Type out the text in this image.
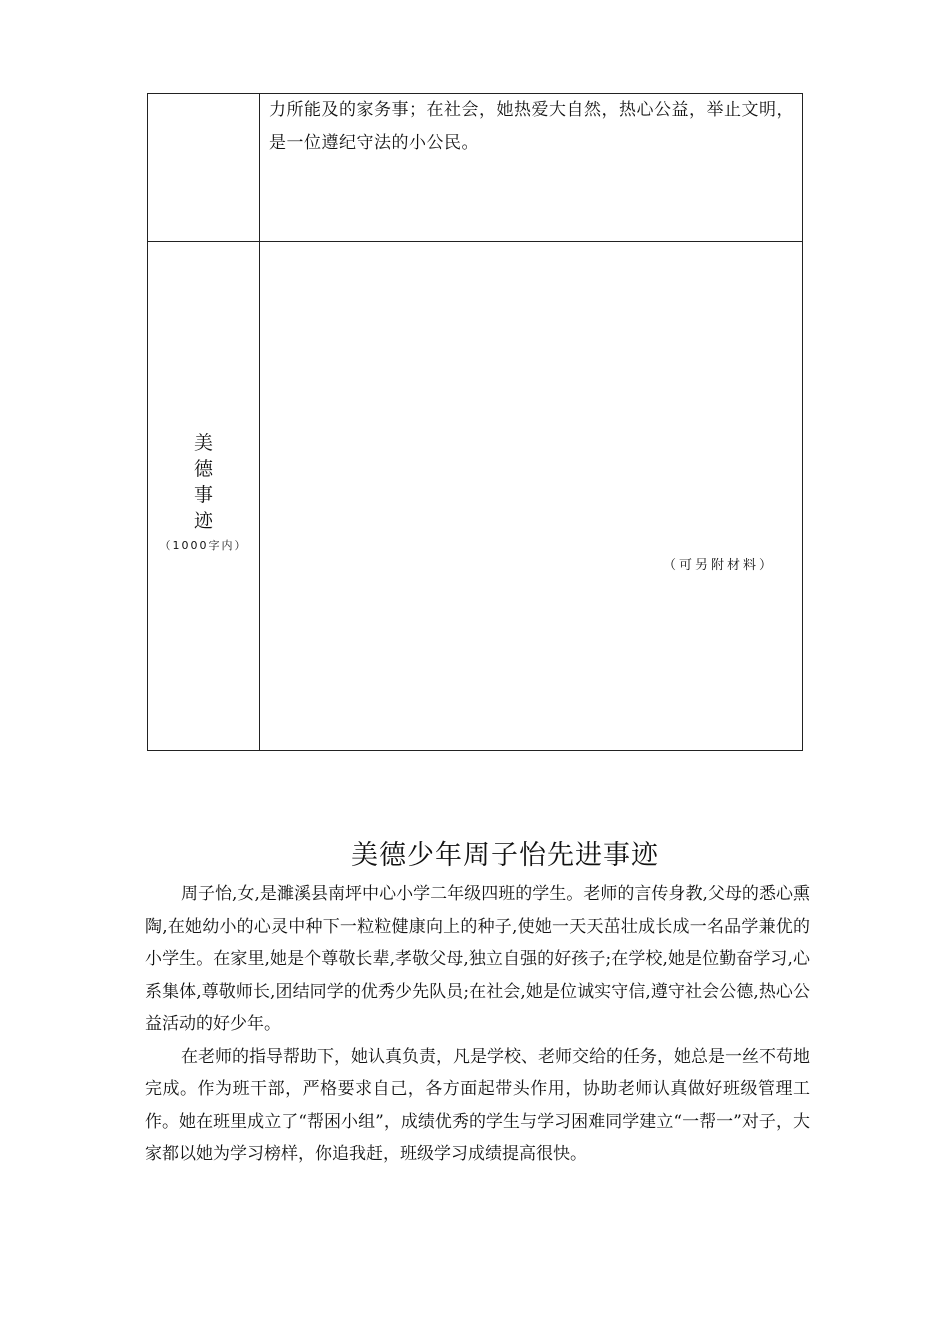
力所能及的家务事；在社会，她热爱大自然，热心公益，举止文明，是一位遵纪守法的小公民。
美
德
事
迹
（1000字内）
（可另附材料）
美德少年周子怡先进事迹

周子怡,女,是濉溪县南坪中心小学二年级四班的学生。老师的言传身教,父母的悉心熏陶,在她幼小的心灵中种下一粒粒健康向上的种子,使她一天天茁壮成长成一名品学兼优的小学生。在家里,她是个尊敬长辈,孝敬父母,独立自强的好孩子;在学校,她是位勤奋学习,心系集体,尊敬师长,团结同学的优秀少先队员;在社会,她是位诚实守信,遵守社会公德,热心公益活动的好少年。

在老师的指导帮助下，她认真负责，凡是学校、老师交给的任务，她总是一丝不苟地完成。作为班干部，严格要求自己，各方面起带头作用，协助老师认真做好班级管理工作。她在班里成立了“帮困小组”，成绩优秀的学生与学习困难同学建立“一帮一”对子，大家都以她为学习榜样，你追我赶，班级学习成绩提高很快。
